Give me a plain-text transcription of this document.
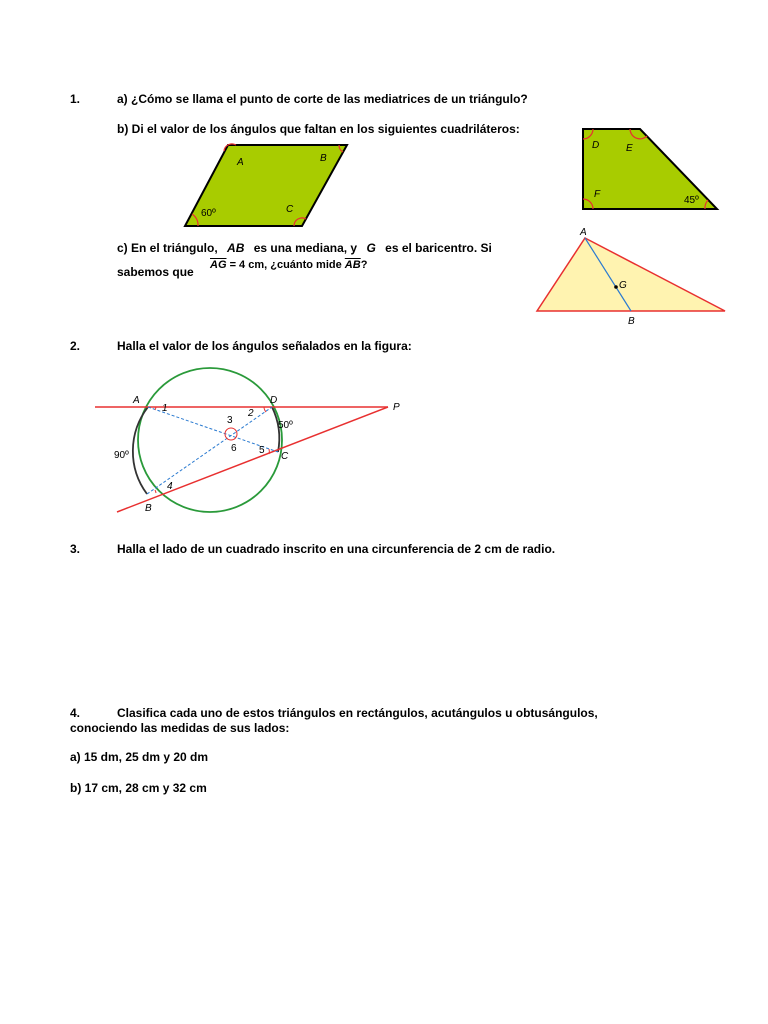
1.	a) ¿Cómo se llama el punto de corte de las mediatrices de un triángulo?
b) Di el valor de los ángulos que faltan en los siguientes cuadriláteros:
A	B
C
60º
D	E
F
45º
c) En el triángulo, AB es una mediana, y G es el baricentro. Si
sabemos que $\overline{AG} = 4$ cm, ¿cuánto mide $\overline{AB}$?
A
G
B
2.	Halla el valor de los ángulos señalados en la figura:
A	D
P
C
B
1	2
3
4
5
6
90º
50º
3.	Halla el lado de un cuadrado inscrito en una circunferencia de 2 cm de radio.
4.	Clasifica cada uno de estos triángulos en rectángulos, acutángulos u obtusángulos,
conociendo las medidas de sus lados:
a) 15 dm, 25 dm y 20 dm
b) 17 cm, 28 cm y 32 cm
